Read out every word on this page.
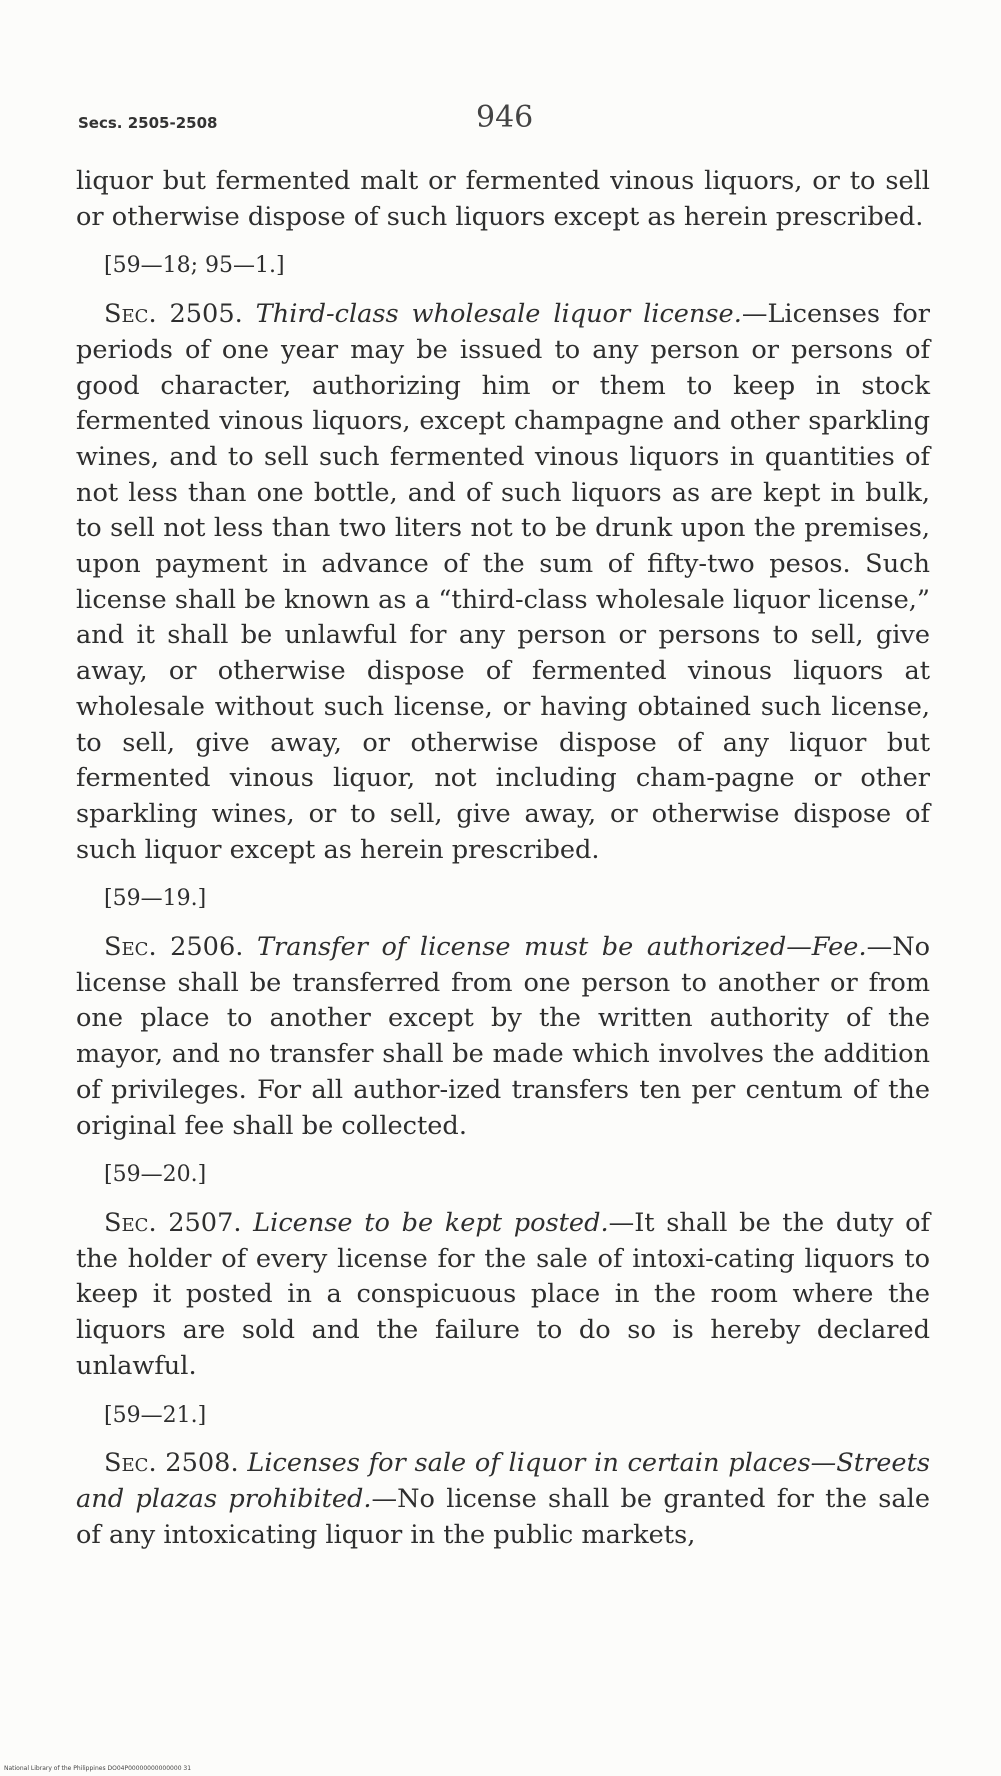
Secs. 2505-2508	946

liquor but fermented malt or fermented vinous liquors, or to sell or otherwise dispose of such liquors except as herein prescribed.

[59—18; 95—1.]

Sec. 2505. Third-class wholesale liquor license.—Licenses for periods of one year may be issued to any person or persons of good character, authorizing him or them to keep in stock fermented vinous liquors, except champagne and other sparkling wines, and to sell such fermented vinous liquors in quantities of not less than one bottle, and of such liquors as are kept in bulk, to sell not less than two liters not to be drunk upon the premises, upon payment in advance of the sum of fifty-two pesos. Such license shall be known as a “third-class wholesale liquor license,” and it shall be unlawful for any person or persons to sell, give away, or otherwise dispose of fermented vinous liquors at wholesale without such license, or having obtained such license, to sell, give away, or otherwise dispose of any liquor but fermented vinous liquor, not including cham-pagne or other sparkling wines, or to sell, give away, or otherwise dispose of such liquor except as herein prescribed.

[59—19.]

Sec. 2506. Transfer of license must be authorized—Fee.—No license shall be transferred from one person to another or from one place to another except by the written authority of the mayor, and no transfer shall be made which involves the addition of privileges. For all author-ized transfers ten per centum of the original fee shall be collected.

[59—20.]

Sec. 2507. License to be kept posted.—It shall be the duty of the holder of every license for the sale of intoxi-cating liquors to keep it posted in a conspicuous place in the room where the liquors are sold and the failure to do so is hereby declared unlawful.

[59—21.]

Sec. 2508. Licenses for sale of liquor in certain places—Streets and plazas prohibited.—No license shall be granted for the sale of any intoxicating liquor in the public markets,

National Library of the Philippines DO04P00000000000000 31
